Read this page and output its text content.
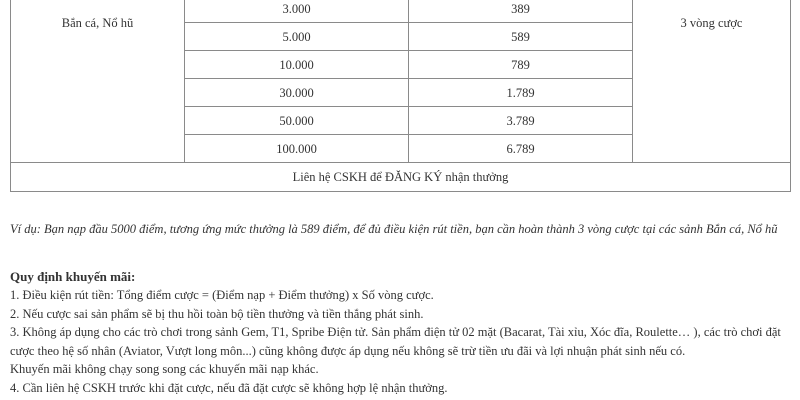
Bắn cá, Nổ hũ	3.000	389	3 vòng cược
	5.000	589	
	10.000	789	
	30.000	1.789	
	50.000	3.789	
	100.000	6.789	
Liên hệ CSKH để ĐĂNG KÝ nhận thưởng			

Ví dụ: Bạn nạp đầu 5000 điểm, tương ứng mức thưởng là 589 điểm, để đủ điều kiện rút tiền, bạn cần hoàn thành 3 vòng cược tại các sảnh Bắn cá, Nổ hũ

Quy định khuyến mãi:

1. Điều kiện rút tiền: Tổng điểm cược = (Điểm nạp + Điểm thưởng) x Số vòng cược.
2. Nếu cược sai sản phẩm sẽ bị thu hồi toàn bộ tiền thưởng và tiền thắng phát sinh.
3. Không áp dụng cho các trò chơi trong sảnh Gem, T1, Spribe Điện tử. Sản phẩm điện tử 02 mặt (Bacarat, Tài xỉu, Xóc đĩa, Roulette… ), các trò chơi đặt cược theo hệ số nhân (Aviator, Vượt long môn...) cũng không được áp dụng nếu không sẽ trừ tiền ưu đãi và lợi nhuận phát sinh nếu có.
Khuyến mãi không chạy song song các khuyến mãi nạp khác.
4. Cần liên hệ CSKH trước khi đặt cược, nếu đã đặt cược sẽ không hợp lệ nhận thưởng.
